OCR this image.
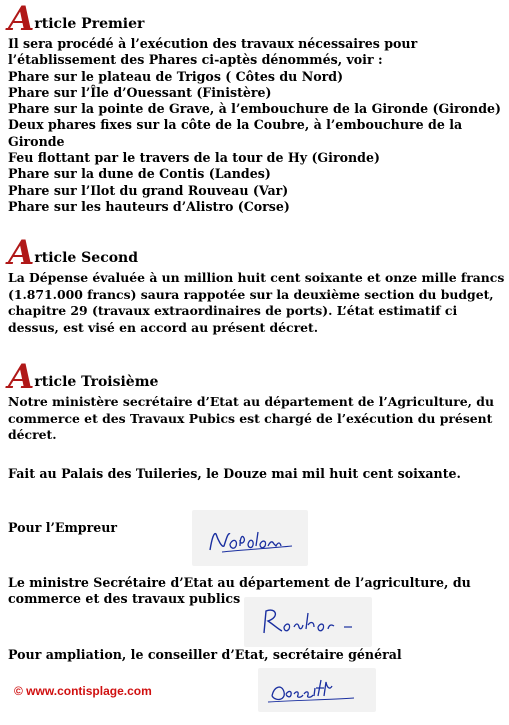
A rticle Premier
Il sera procédé à l’exécution des travaux nécessaires pour
l’établissement des Phares ci-aptès dénommés, voir :
Phare sur le plateau de Trigos ( Côtes du Nord)
Phare sur l’Île d’Ouessant (Finistère)
Phare sur la pointe de Grave, à l’embouchure de la Gironde (Gironde)
Deux phares fixes sur la côte de la Coubre, à l’embouchure de la
Gironde
Feu flottant par le travers de la tour de Hy (Gironde)
Phare sur la dune de Contis (Landes)
Phare sur l’Ilot du grand Rouveau (Var)
Phare sur les hauteurs d’Alistro (Corse)
A rticle Second
La Dépense évaluée à un million huit cent soixante et onze mille francs (1.871.000 francs) saura rappotée sur la deuxième section du budget, chapitre 29 (travaux extraordinaires de ports). L’état estimatif ci dessus, est visé en accord au présent décret.
A rticle Troisième
Notre ministère secrétaire d’Etat au département de l’Agriculture, du commerce et des Travaux Pubics est chargé de l’exécution du présent décret.
Fait au Palais des Tuileries, le Douze mai mil huit cent soixante.
Pour l’Empreur
Le ministre Secrétaire d’Etat au département de l’agriculture, du commerce et des travaux publics
Pour ampliation, le conseiller d’Etat, secrétaire général
© www.contisplage.com
